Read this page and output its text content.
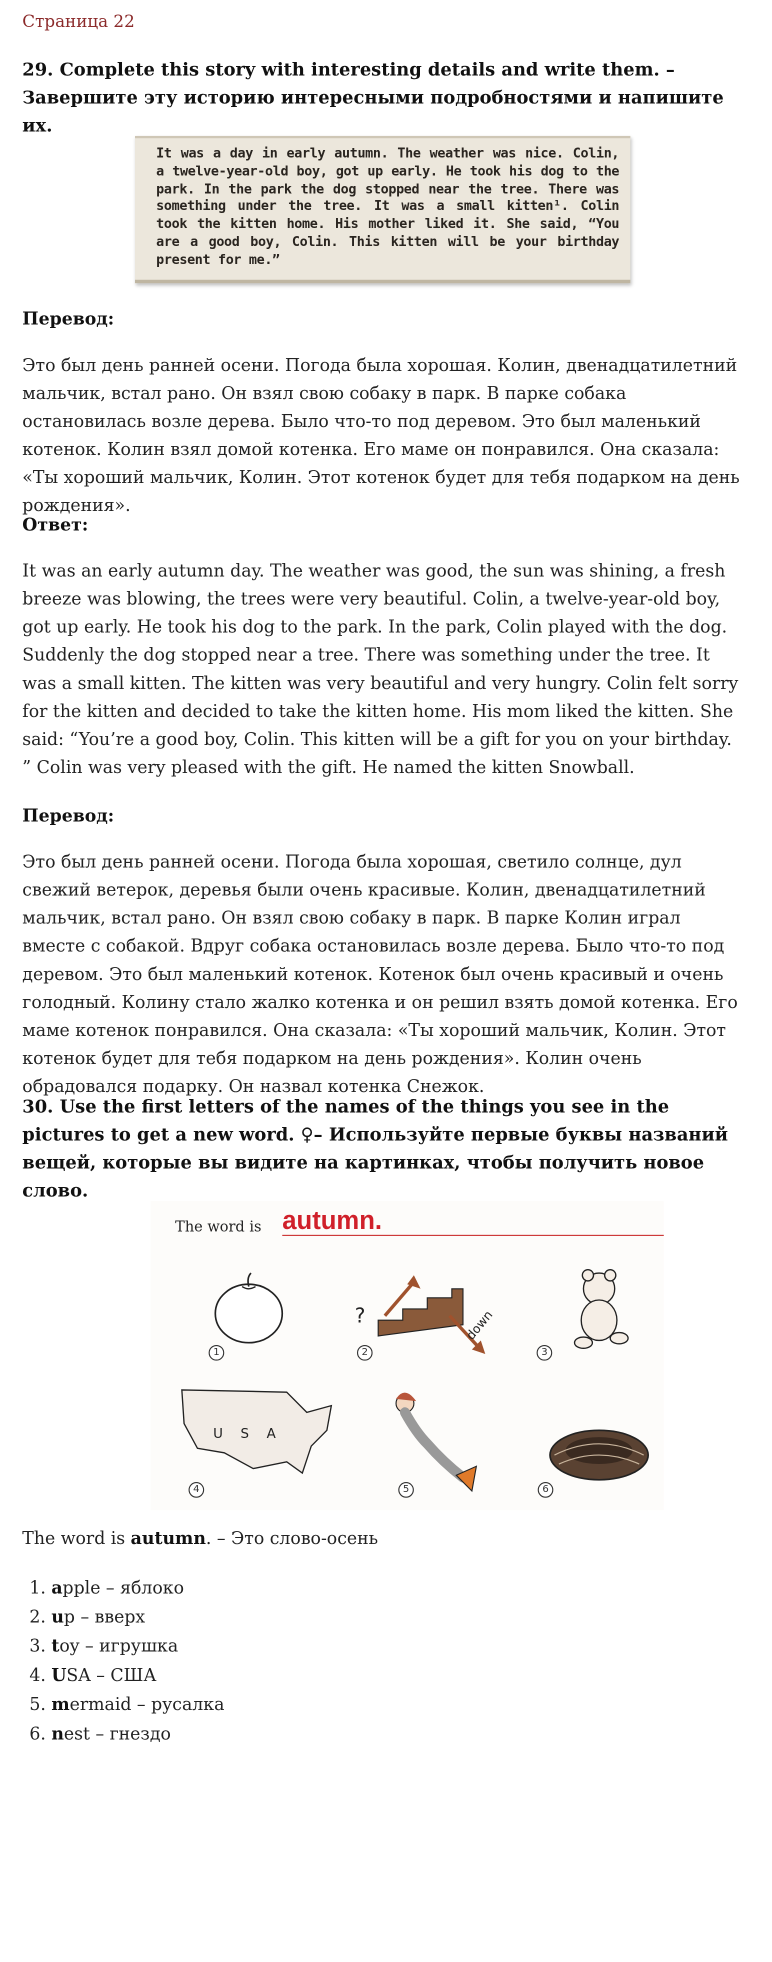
Страница 22
29. Complete this story with interesting details and write them. – Завершите эту историю интересными подробностями и напишите их.
It was a day in early autumn. The weather was nice. Colin, a twelve-year-old boy, got up early. He took his dog to the park. In the park the dog stopped near the tree. There was something under the tree. It was a small kitten¹. Colin took the kitten home. His mother liked it. She said, “You are a good boy, Colin. This kitten will be your birthday present for me.”
Перевод:
Это был день ранней осени. Погода была хорошая. Колин, двенадцатилетний мальчик, встал рано. Он взял свою собаку в парк. В парке собака остановилась возле дерева. Было что-то под деревом. Это был маленький котенок. Колин взял домой котенка. Его маме он понравился. Она сказала: «Ты хороший мальчик, Колин. Этот котенок будет для тебя подарком на день рождения».
Ответ:
It was an early autumn day. The weather was good, the sun was shining, a fresh breeze was blowing, the trees were very beautiful. Colin, a twelve-year-old boy, got up early. He took his dog to the park. In the park, Colin played with the dog. Suddenly the dog stopped near a tree. There was something under the tree. It was a small kitten. The kitten was very beautiful and very hungry. Colin felt sorry for the kitten and decided to take the kitten home. His mom liked the kitten. She said: “You’re a good boy, Colin. This kitten will be a gift for you on your birthday. ” Colin was very pleased with the gift. He named the kitten Snowball.
Перевод:
Это был день ранней осени. Погода была хорошая, светило солнце, дул свежий ветерок, деревья были очень красивые. Колин, двенадцатилетний мальчик, встал рано. Он взял свою собаку в парк. В парке Колин играл вместе с собакой. Вдруг собака остановилась возле дерева. Было что-то под деревом. Это был маленький котенок. Котенок был очень красивый и очень голодный. Колину стало жалко котенка и он решил взять домой котенка. Его маме котенок понравился. Она сказала: «Ты хороший мальчик, Колин. Этот котенок будет для тебя подарком на день рождения». Колин очень обрадовался подарку. Он назвал котенка Снежок.
30. Use the first letters of the names of the things you see in the pictures to get a new word. ♀– Используйте первые буквы названий вещей, которые вы видите на картинках, чтобы получить новое слово.
The word is autumn.
1
?	down
2	3
U S A
4	5	6
The word is autumn. – Это слово-осень
1. apple – яблоко
2. up – вверх
3. toy – игрушка
4. USA – США
5. mermaid – русалка
6. nest – гнездо
